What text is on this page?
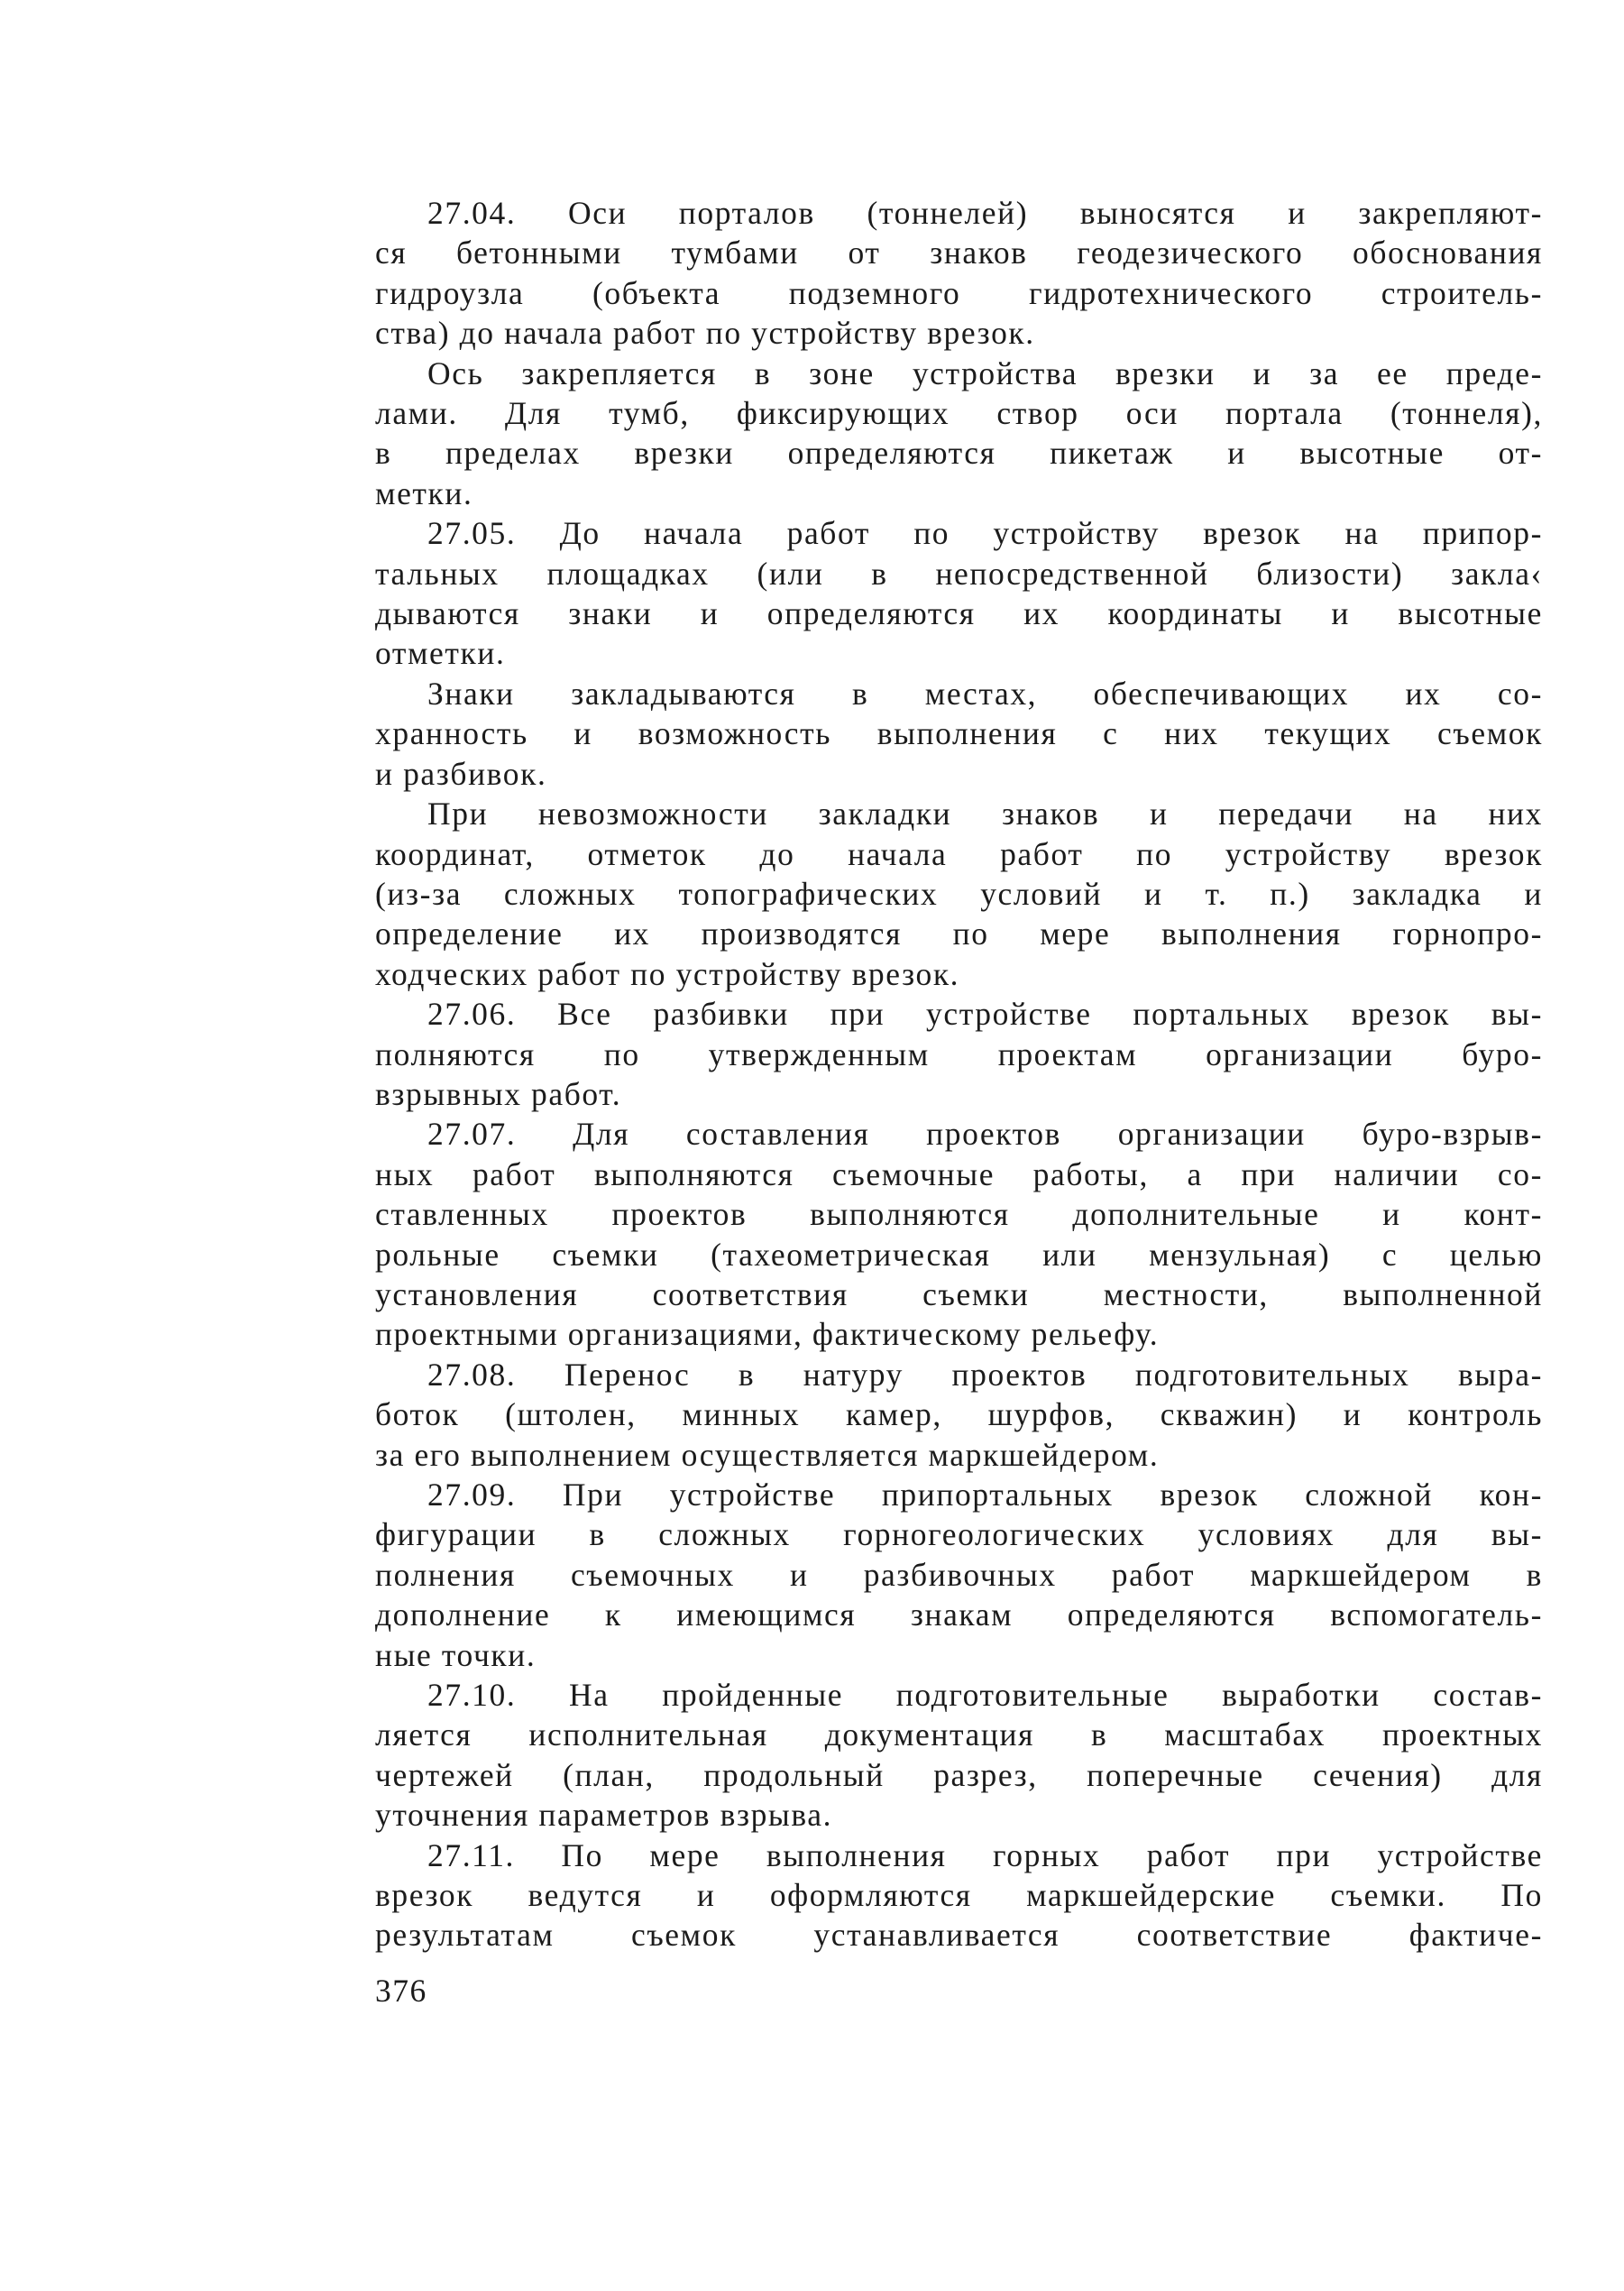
27.04. Оси порталов (тоннелей) выносятся и закрепляют-
ся бетонными тумбами от знаков геодезического обоснования
гидроузла (объекта подземного гидротехнического строитель-
ства) до начала работ по устройству врезок.
Ось закрепляется в зоне устройства врезки и за ее преде-
лами. Для тумб, фиксирующих створ оси портала (тоннеля),
в пределах врезки определяются пикетаж и высотные от-
метки.
27.05. До начала работ по устройству врезок на припор-
тальных площадках (или в непосредственной близости) закла‹
дываются знаки и определяются их координаты и высотные
отметки.
Знаки закладываются в местах, обеспечивающих их со-
хранность и возможность выполнения с них текущих съемок
и разбивок.
При невозможности закладки знаков и передачи на них
координат, отметок до начала работ по устройству врезок
(из-за сложных топографических условий и т. п.) закладка и
определение их производятся по мере выполнения горнопро-
ходческих работ по устройству врезок.
27.06. Все разбивки при устройстве портальных врезок вы-
полняются по утвержденным проектам организации буро-
взрывных работ.
27.07. Для составления проектов организации буро-взрыв-
ных работ выполняются съемочные работы, а при наличии со-
ставленных проектов выполняются дополнительные и конт-
рольные съемки (тахеометрическая или мензульная) с целью
установления соответствия съемки местности, выполненной
проектными организациями, фактическому рельефу.
27.08. Перенос в натуру проектов подготовительных выра-
боток (штолен, минных камер, шурфов, скважин) и контроль
за его выполнением осуществляется маркшейдером.
27.09. При устройстве припортальных врезок сложной кон-
фигурации в сложных горногеологических условиях для вы-
полнения съемочных и разбивочных работ маркшейдером в
дополнение к имеющимся знакам определяются вспомогатель-
ные точки.
27.10. На пройденные подготовительные выработки состав-
ляется исполнительная документация в масштабах проектных
чертежей (план, продольный разрез, поперечные сечения) для
уточнения параметров взрыва.
27.11. По мере выполнения горных работ при устройстве
врезок ведутся и оформляются маркшейдерские съемки. По
результатам съемок устанавливается соответствие фактиче-
376
